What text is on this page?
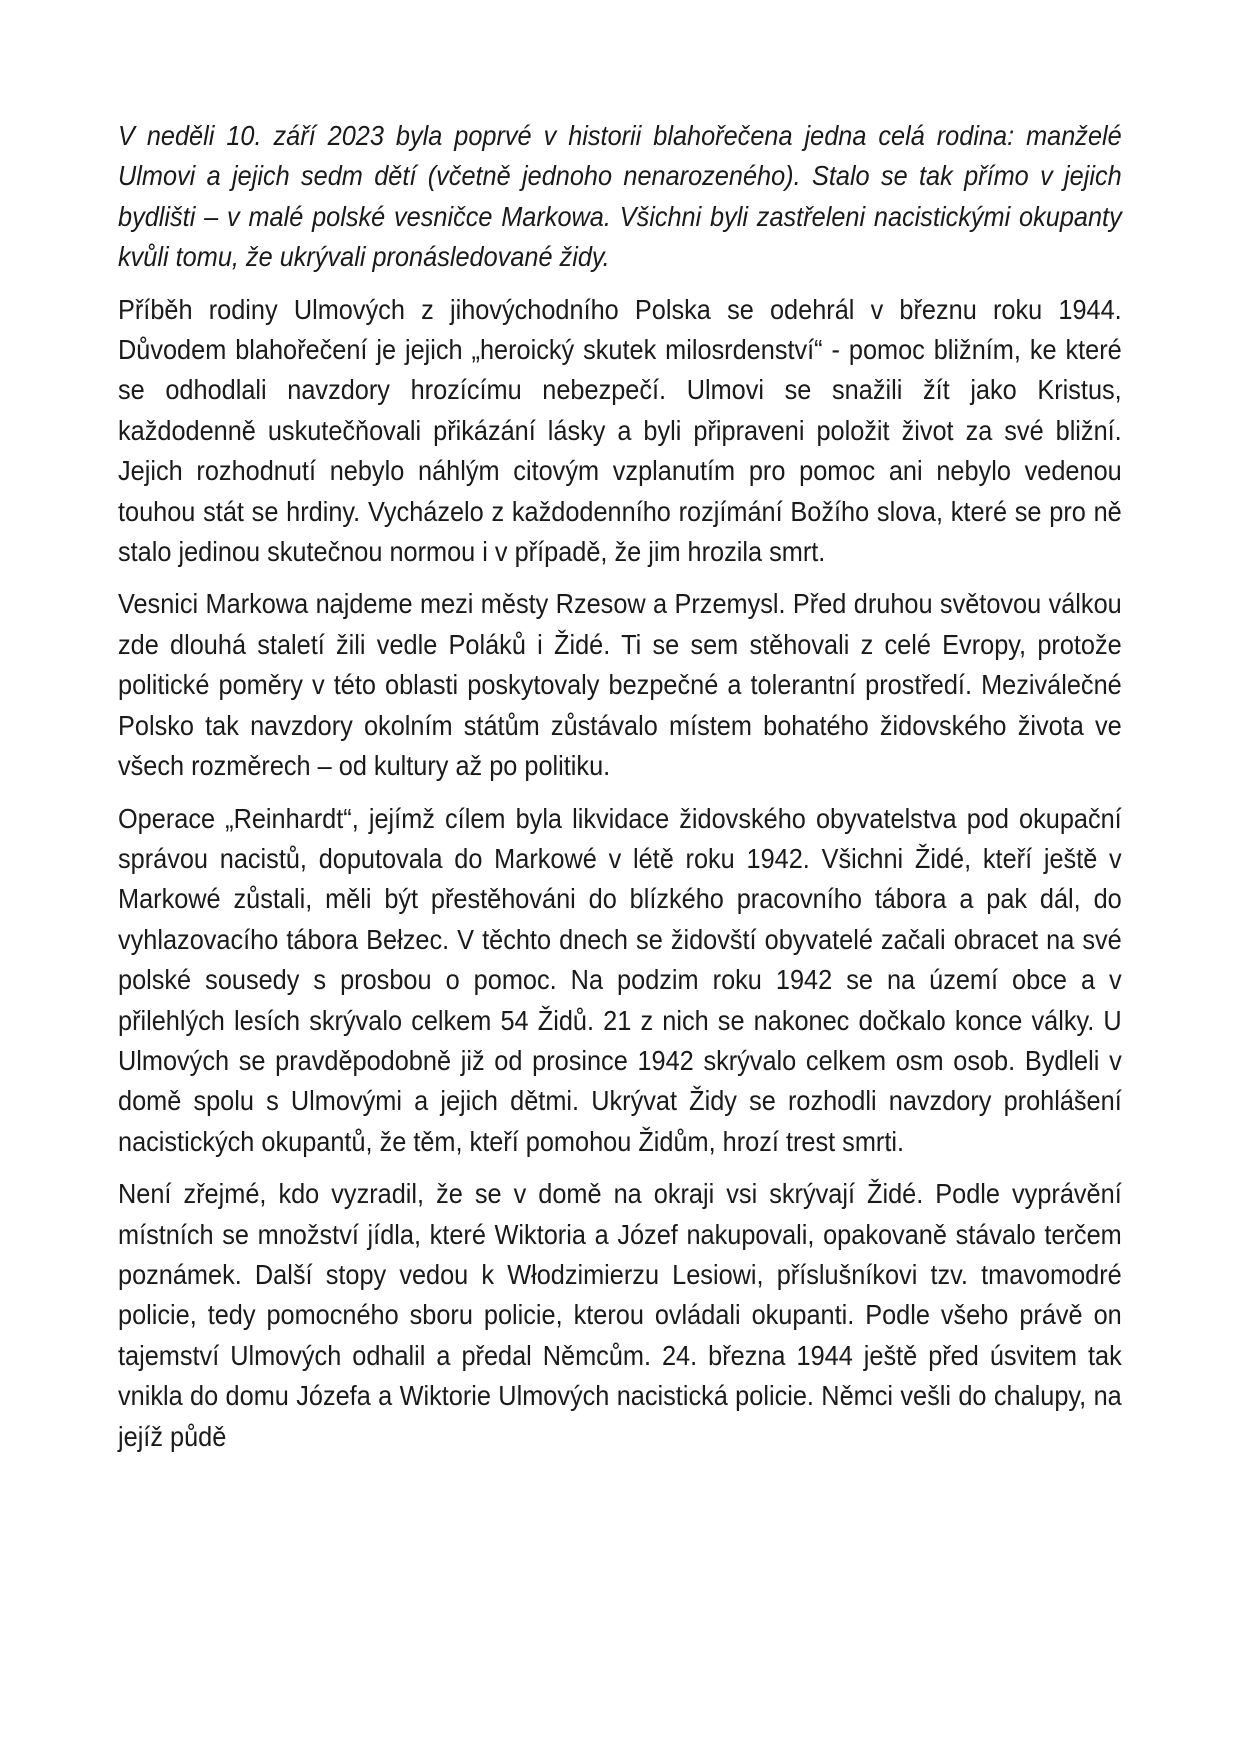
V neděli 10. září 2023 byla poprvé v historii blahořečena jedna celá rodina: manželé Ulmovi a jejich sedm dětí (včetně jednoho nenarozeného). Stalo se tak přímo v jejich bydlišti – v malé polské vesničce Markowa. Všichni byli zastřeleni nacistickými okupanty kvůli tomu, že ukrývali pronásledované židy.

Příběh rodiny Ulmových z jihovýchodního Polska se odehrál v březnu roku 1944. Důvodem blahořečení je jejich „heroický skutek milosrdenství“ - pomoc bližním, ke které se odhodlali navzdory hrozícímu nebezpečí. Ulmovi se snažili žít jako Kristus, každodenně uskutečňovali přikázání lásky a byli připraveni položit život za své bližní. Jejich rozhodnutí nebylo náhlým citovým vzplanutím pro pomoc ani nebylo vedenou touhou stát se hrdiny. Vycházelo z každodenního rozjímání Božího slova, které se pro ně stalo jedinou skutečnou normou i v případě, že jim hrozila smrt.

Vesnici Markowa najdeme mezi městy Rzesow a Przemysl. Před druhou světovou válkou zde dlouhá staletí žili vedle Poláků i Židé. Ti se sem stěhovali z celé Evropy, protože politické poměry v této oblasti poskytovaly bezpečné a tolerantní prostředí. Meziválečné Polsko tak navzdory okolním státům zůstávalo místem bohatého židovského života ve všech rozměrech – od kultury až po politiku.

Operace „Reinhardt“, jejímž cílem byla likvidace židovského obyvatelstva pod okupační správou nacistů, doputovala do Markowé v létě roku 1942. Všichni Židé, kteří ještě v Markowé zůstali, měli být přestěhováni do blízkého pracovního tábora a pak dál, do vyhlazovacího tábora Bełzec. V těchto dnech se židovští obyvatelé začali obracet na své polské sousedy s prosbou o pomoc. Na podzim roku 1942 se na území obce a v přilehlých lesích skrývalo celkem 54 Židů. 21 z nich se nakonec dočkalo konce války. U Ulmových se pravděpodobně již od prosince 1942 skrývalo celkem osm osob. Bydleli v domě spolu s Ulmovými a jejich dětmi. Ukrývat Židy se rozhodli navzdory prohlášení nacistických okupantů, že těm, kteří pomohou Židům, hrozí trest smrti.

Není zřejmé, kdo vyzradil, že se v domě na okraji vsi skrývají Židé. Podle vyprávění místních se množství jídla, které Wiktoria a Józef nakupovali, opakovaně stávalo terčem poznámek. Další stopy vedou k Włodzimierzu Lesiowi, příslušníkovi tzv. tmavomodré policie, tedy pomocného sboru policie, kterou ovládali okupanti. Podle všeho právě on tajemství Ulmových odhalil a předal Němcům. 24. března 1944 ještě před úsvitem tak vnikla do domu Józefa a Wiktorie Ulmových nacistická policie. Němci vešli do chalupy, na jejíž půdě
